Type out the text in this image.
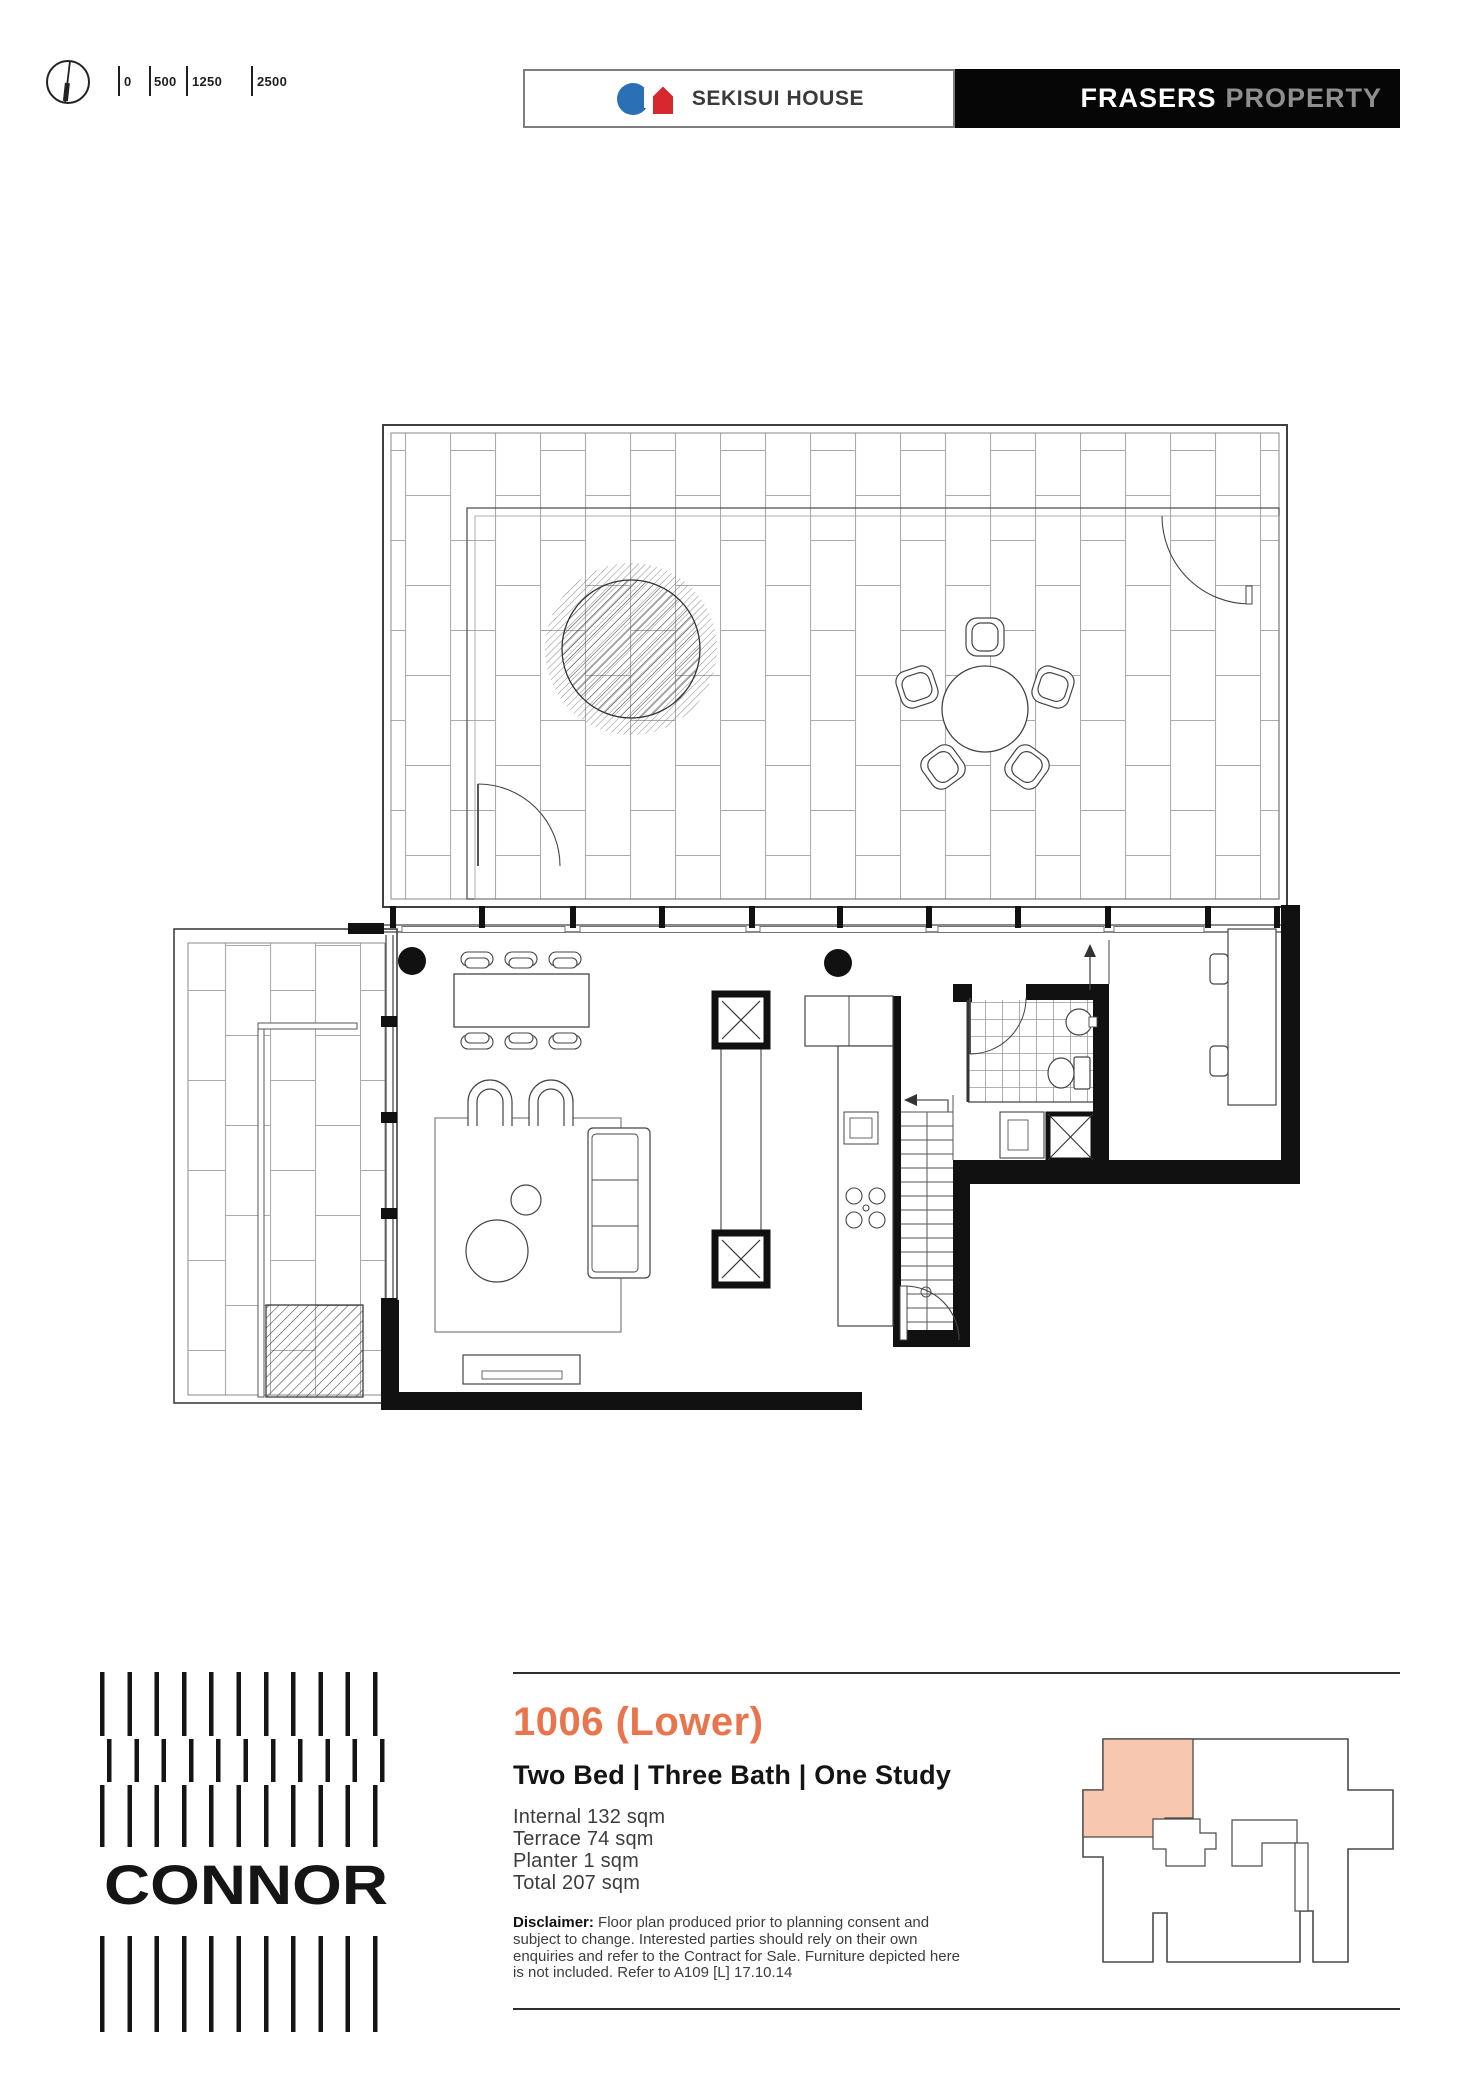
0 500 1250	2500
SEKISUI HOUSE	FRASERS PROPERTY
CONNOR
1006 (Lower)
Two Bed | Three Bath | One Study
Internal 132 sqm
Terrace 74 sqm
Planter 1 sqm
Total 207 sqm
Disclaimer: Floor plan produced prior to planning consent and subject to change. Interested parties should rely on their own enquiries and refer to the Contract for Sale. Furniture depicted here is not included. Refer to A109 [L] 17.10.14
